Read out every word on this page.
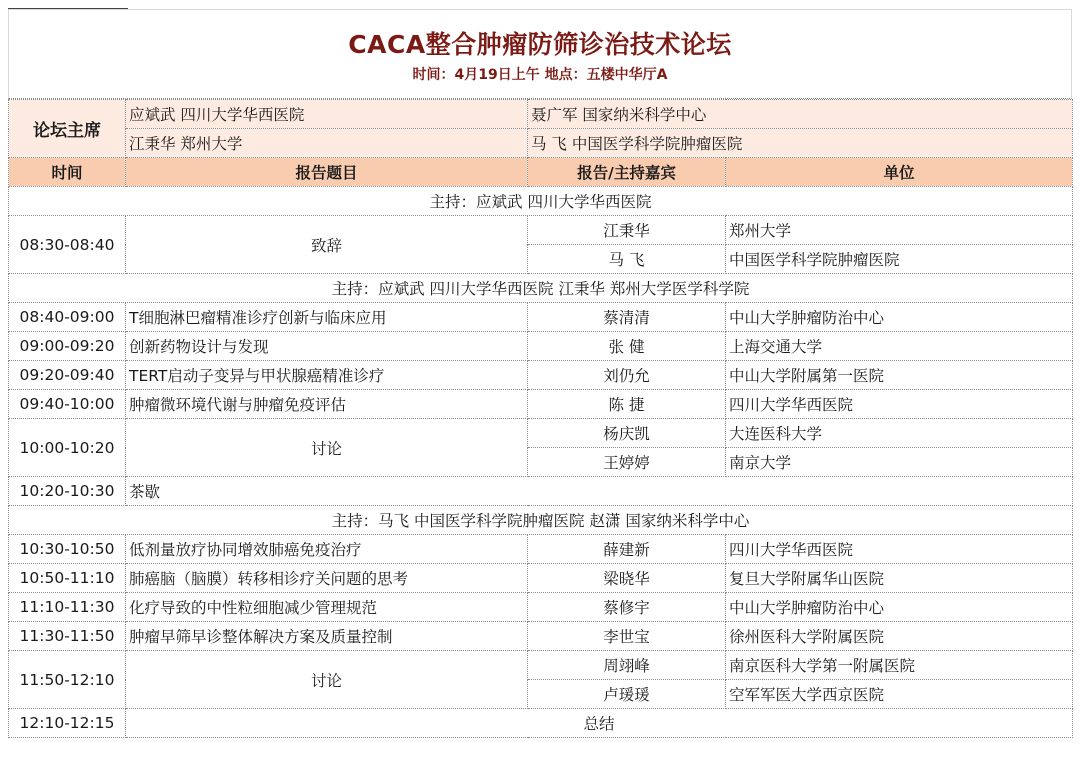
CACA整合肿瘤防筛诊治技术论坛
时间：4月19日上午 地点：五楼中华厅A
论坛主席	应斌武 四川大学华西医院	聂广军 国家纳米科学中心	
	江秉华 郑州大学	马 飞 中国医学科学院肿瘤医院	
时间	报告题目	报告/主持嘉宾	单位
主持：应斌武 四川大学华西医院			
08:30-08:40	致辞	江秉华	郑州大学
		马 飞	中国医学科学院肿瘤医院
主持：应斌武 四川大学华西医院 江秉华 郑州大学医学科学院			
08:40-09:00	T细胞淋巴瘤精准诊疗创新与临床应用	蔡清清	中山大学肿瘤防治中心
09:00-09:20	创新药物设计与发现	张 健	上海交通大学
09:20-09:40	TERT启动子变异与甲状腺癌精准诊疗	刘仍允	中山大学附属第一医院
09:40-10:00	肿瘤微环境代谢与肿瘤免疫评估	陈 捷	四川大学华西医院
10:00-10:20	讨论	杨庆凯	大连医科大学
		王婷婷	南京大学
10:20-10:30	茶歇		
主持：马飞 中国医学科学院肿瘤医院 赵潇 国家纳米科学中心			
10:30-10:50	低剂量放疗协同增效肺癌免疫治疗	薛建新	四川大学华西医院
10:50-11:10	肺癌脑（脑膜）转移相诊疗关问题的思考	梁晓华	复旦大学附属华山医院
11:10-11:30	化疗导致的中性粒细胞减少管理规范	蔡修宇	中山大学肿瘤防治中心
11:30-11:50	肿瘤早筛早诊整体解决方案及质量控制	李世宝	徐州医科大学附属医院
11:50-12:10	讨论	周翊峰	南京医科大学第一附属医院
		卢瑗瑗	空军军医大学西京医院
12:10-12:15	总结		
